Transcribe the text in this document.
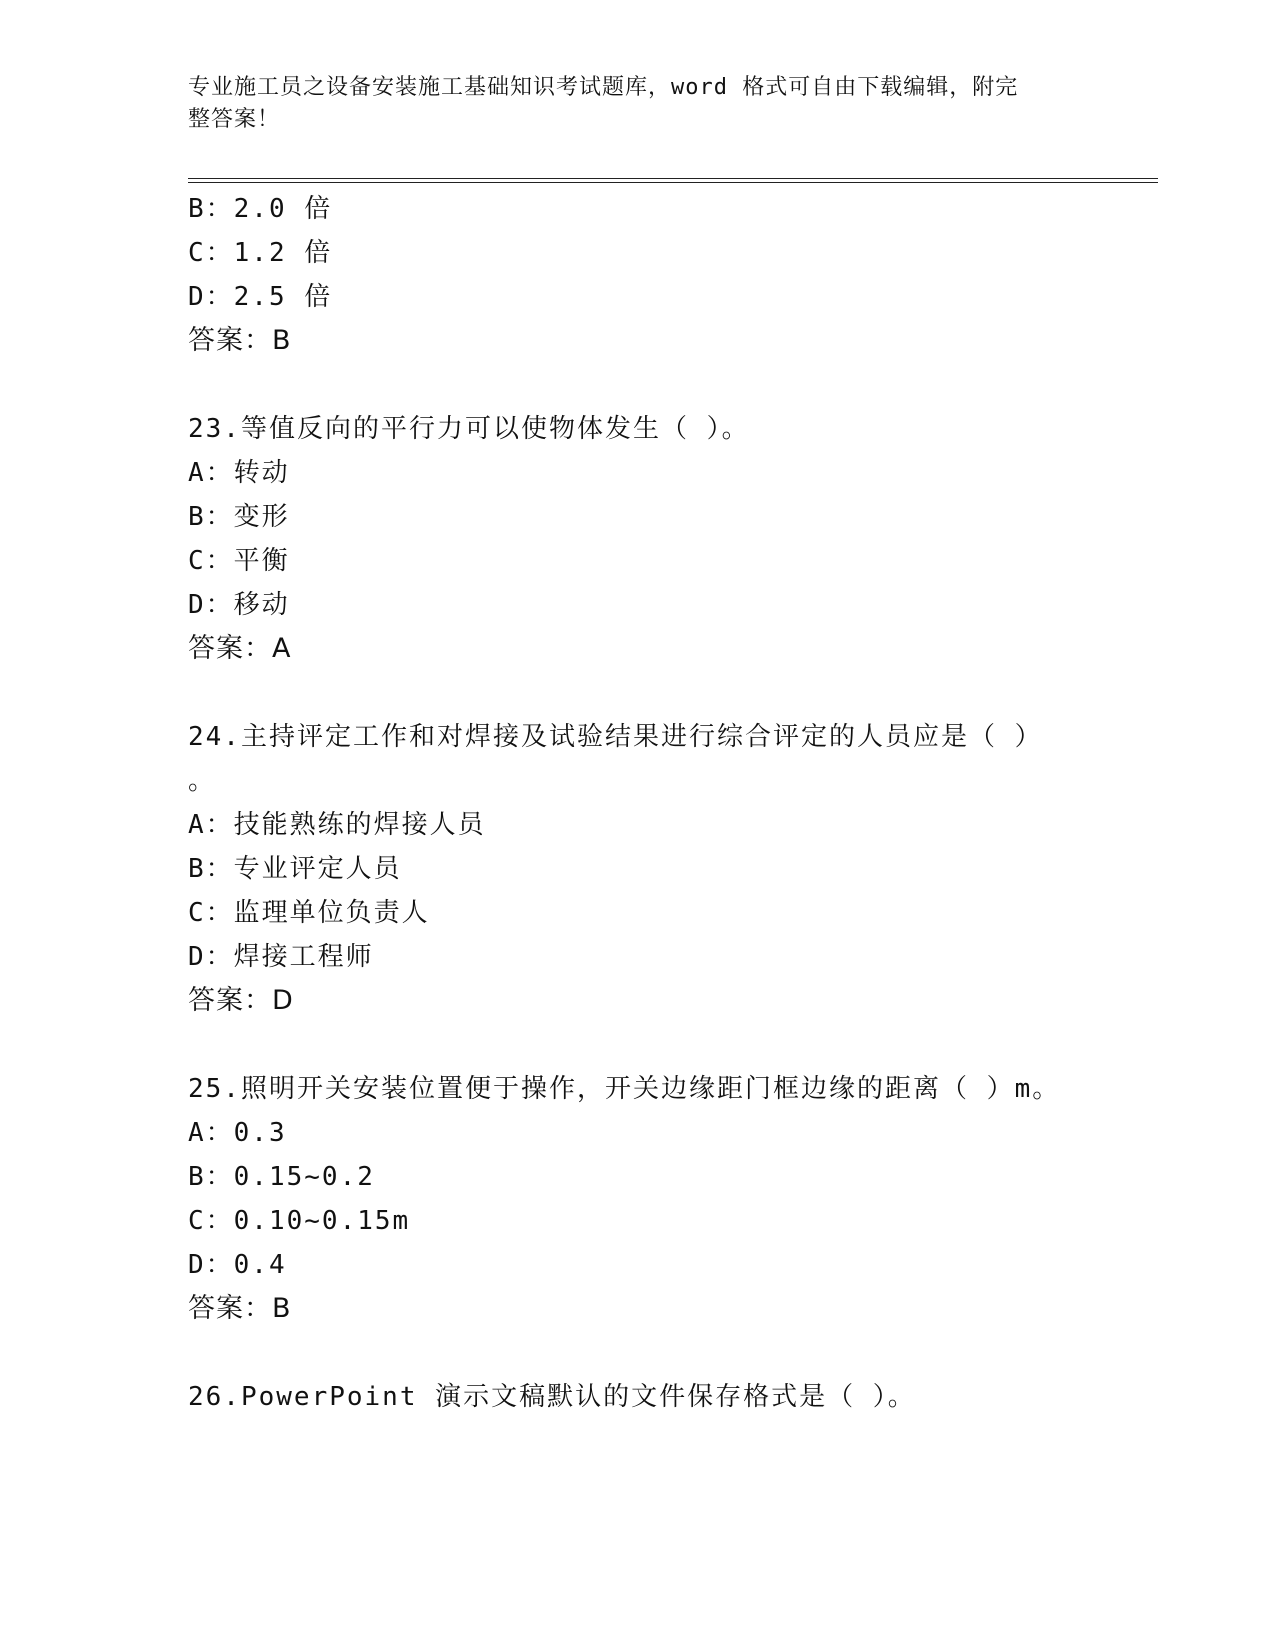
专业施工员之设备安装施工基础知识考试题库，word 格式可自由下载编辑，附完
整答案！
B：2.0 倍
C：1.2 倍
D：2.5 倍
答案：B
23.等值反向的平行力可以使物体发生（ ）。
A：转动
B：变形
C：平衡
D：移动
答案：A
24.主持评定工作和对焊接及试验结果进行综合评定的人员应是（ ）
。
A：技能熟练的焊接人员
B：专业评定人员
C：监理单位负责人
D：焊接工程师
答案：D
25.照明开关安装位置便于操作，开关边缘距门框边缘的距离（ ）m。
A：0.3
B：0.15~0.2
C：0.10~0.15m
D：0.4
答案：B
26.PowerPoint 演示文稿默认的文件保存格式是（ ）。
